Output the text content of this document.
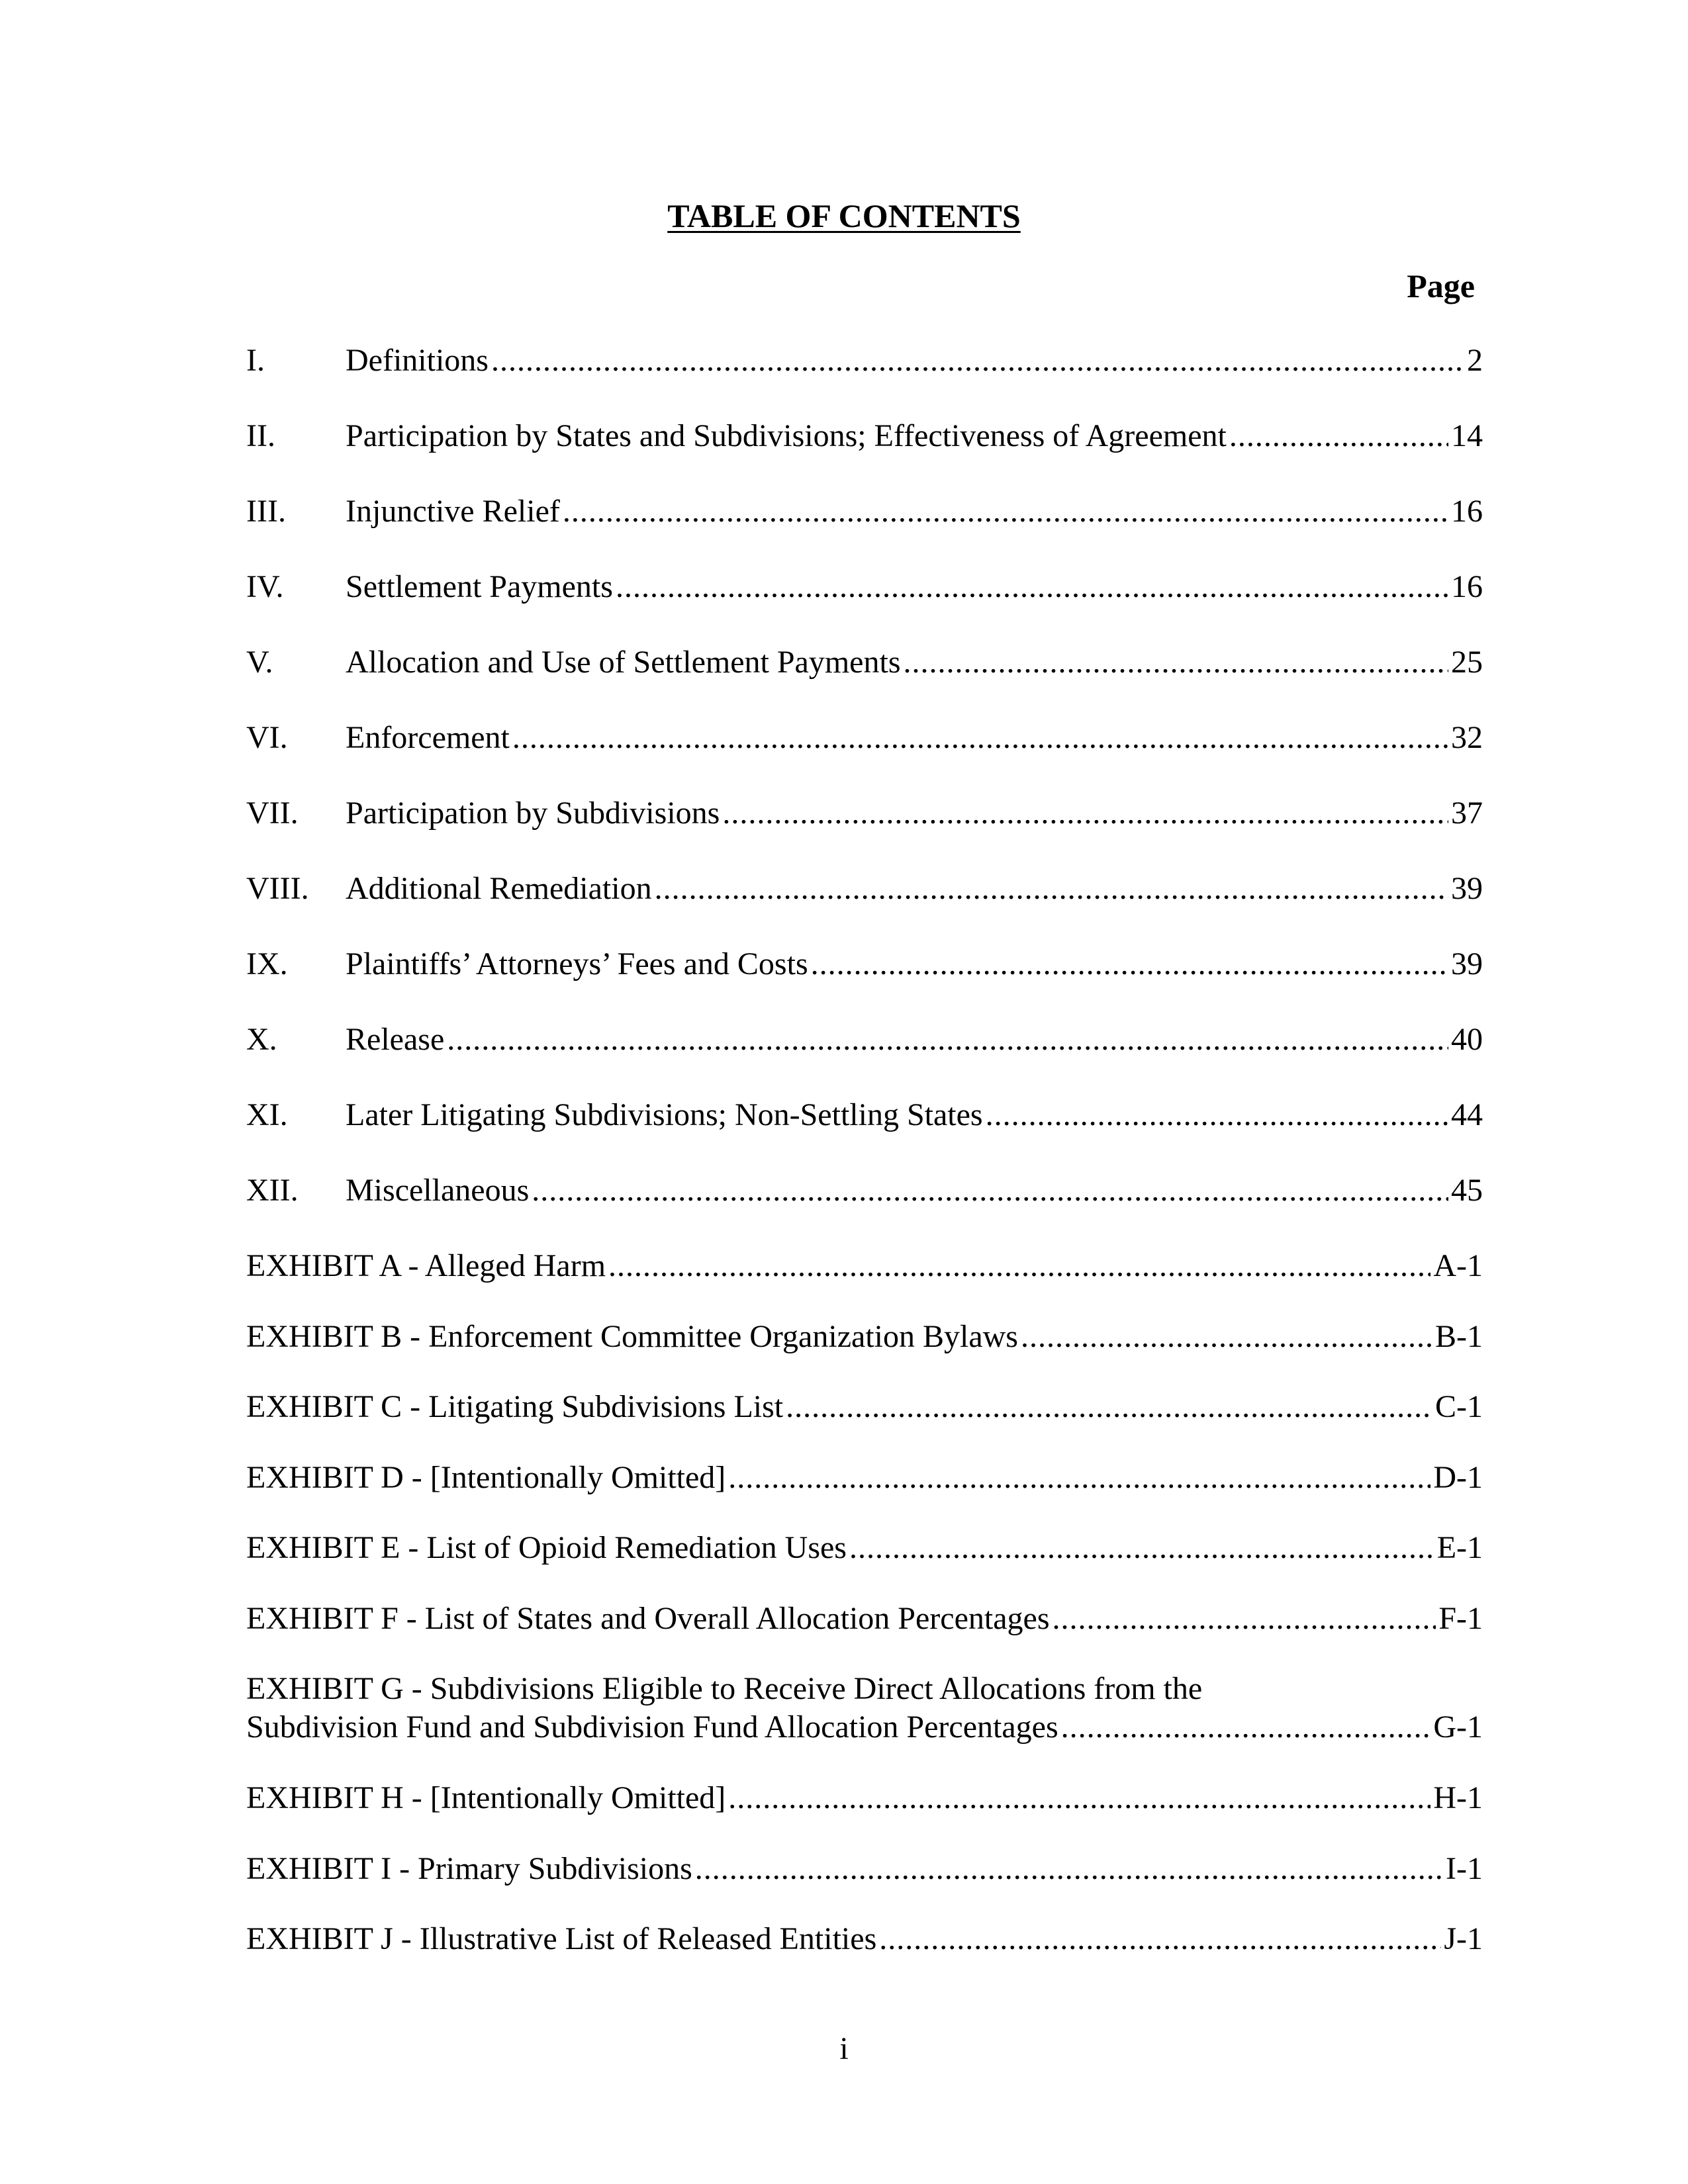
TABLE OF CONTENTS
Page
I.	Definitions .....	2
II.	Participation by States and Subdivisions; Effectiveness of Agreement .....	14
III.	Injunctive Relief .....	16
IV.	Settlement Payments .....	16
V.	Allocation and Use of Settlement Payments .....	25
VI.	Enforcement .....	32
VII.	Participation by Subdivisions .....	37
VIII.	Additional Remediation .....	39
IX.	Plaintiffs’ Attorneys’ Fees and Costs .....	39
X.	Release .....	40
XI.	Later Litigating Subdivisions; Non-Settling States .....	44
XII.	Miscellaneous .....	45
EXHIBIT A - Alleged Harm .....	A-1
EXHIBIT B - Enforcement Committee Organization Bylaws .....	B-1
EXHIBIT C - Litigating Subdivisions List .....	C-1
EXHIBIT D - [Intentionally Omitted] .....	D-1
EXHIBIT E - List of Opioid Remediation Uses .....	E-1
EXHIBIT F - List of States and Overall Allocation Percentages .....	F-1
EXHIBIT G - Subdivisions Eligible to Receive Direct Allocations from the
Subdivision Fund and Subdivision Fund Allocation Percentages .....	G-1
EXHIBIT H - [Intentionally Omitted] .....	H-1
EXHIBIT I - Primary Subdivisions .....	I-1
EXHIBIT J - Illustrative List of Released Entities .....	J-1
i
